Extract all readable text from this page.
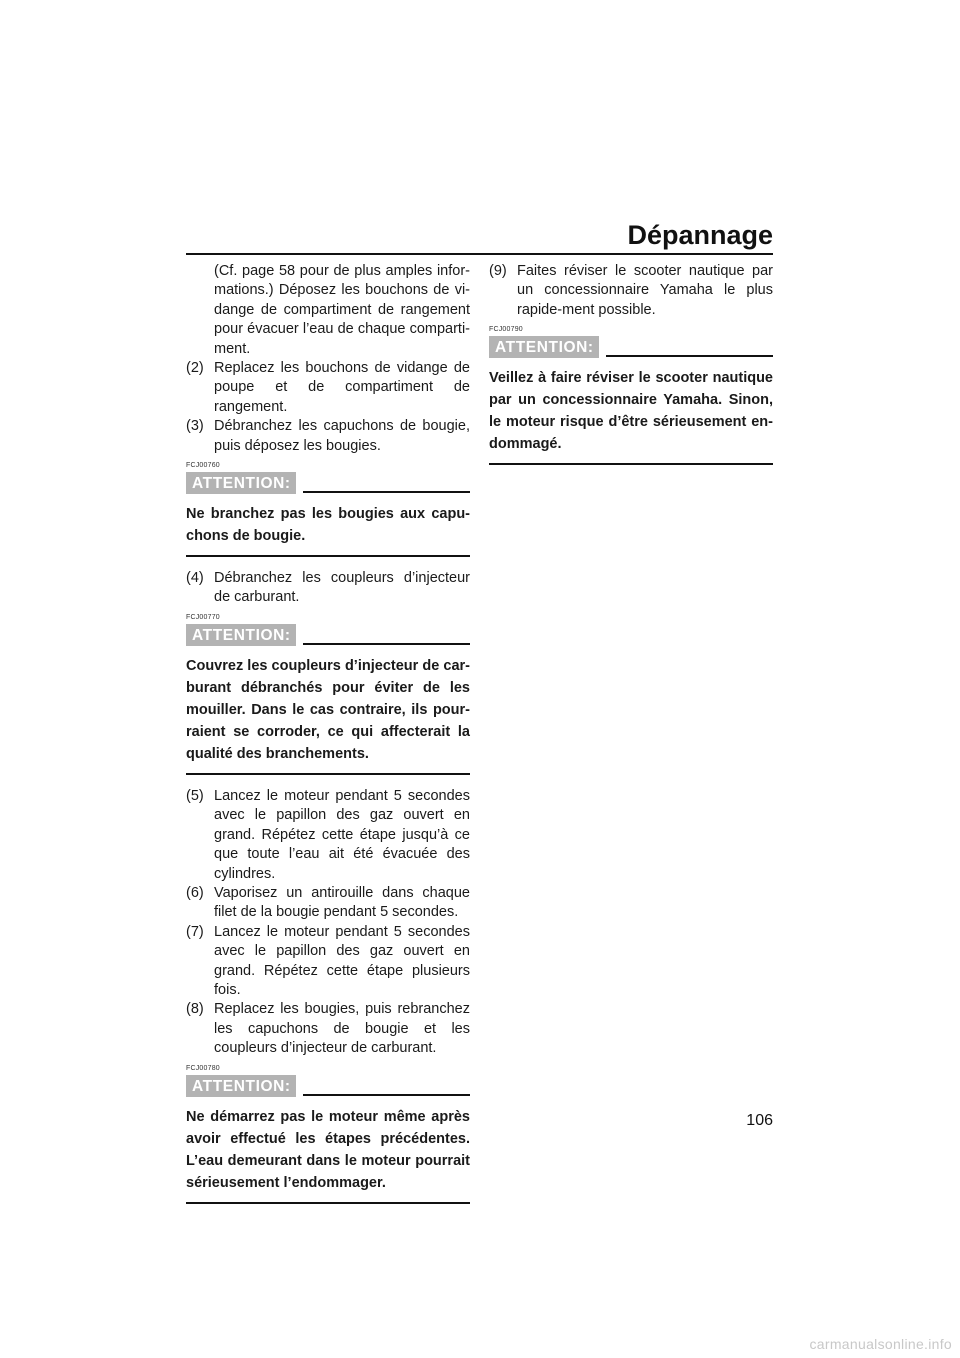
Dépannage

(Cf. page 58 pour de plus amples infor-mations.) Déposez les bouchons de vi-dange de compartiment de rangement pour évacuer l’eau de chaque comparti-ment.

(2) Replacez les bouchons de vidange de poupe et de compartiment de rangement.
(3) Débranchez les capuchons de bougie, puis déposez les bougies.
FCJ00760
ATTENTION:

Ne branchez pas les bougies aux capu-chons de bougie.

(4) Débranchez les coupleurs d’injecteur de carburant.
FCJ00770
ATTENTION:

Couvrez les coupleurs d’injecteur de car-burant débranchés pour éviter de les mouiller. Dans le cas contraire, ils pour-raient se corroder, ce qui affecterait la qualité des branchements.

(5) Lancez le moteur pendant 5 secondes avec le papillon des gaz ouvert en grand. Répétez cette étape jusqu’à ce que toute l’eau ait été évacuée des cylindres.
(6) Vaporisez un antirouille dans chaque filet de la bougie pendant 5 secondes.
(7) Lancez le moteur pendant 5 secondes avec le papillon des gaz ouvert en grand. Répétez cette étape plusieurs fois.
(8) Replacez les bougies, puis rebranchez les capuchons de bougie et les coupleurs d’injecteur de carburant.
FCJ00780
ATTENTION:

Ne démarrez pas le moteur même après avoir effectué les étapes précédentes. L’eau demeurant dans le moteur pourrait sérieusement l’endommager.

(9) Faites réviser le scooter nautique par un concessionnaire Yamaha le plus rapide-ment possible.
FCJ00790
ATTENTION:

Veillez à faire réviser le scooter nautique par un concessionnaire Yamaha. Sinon, le moteur risque d’être sérieusement en-dommagé.

106
carmanualsonline.info
